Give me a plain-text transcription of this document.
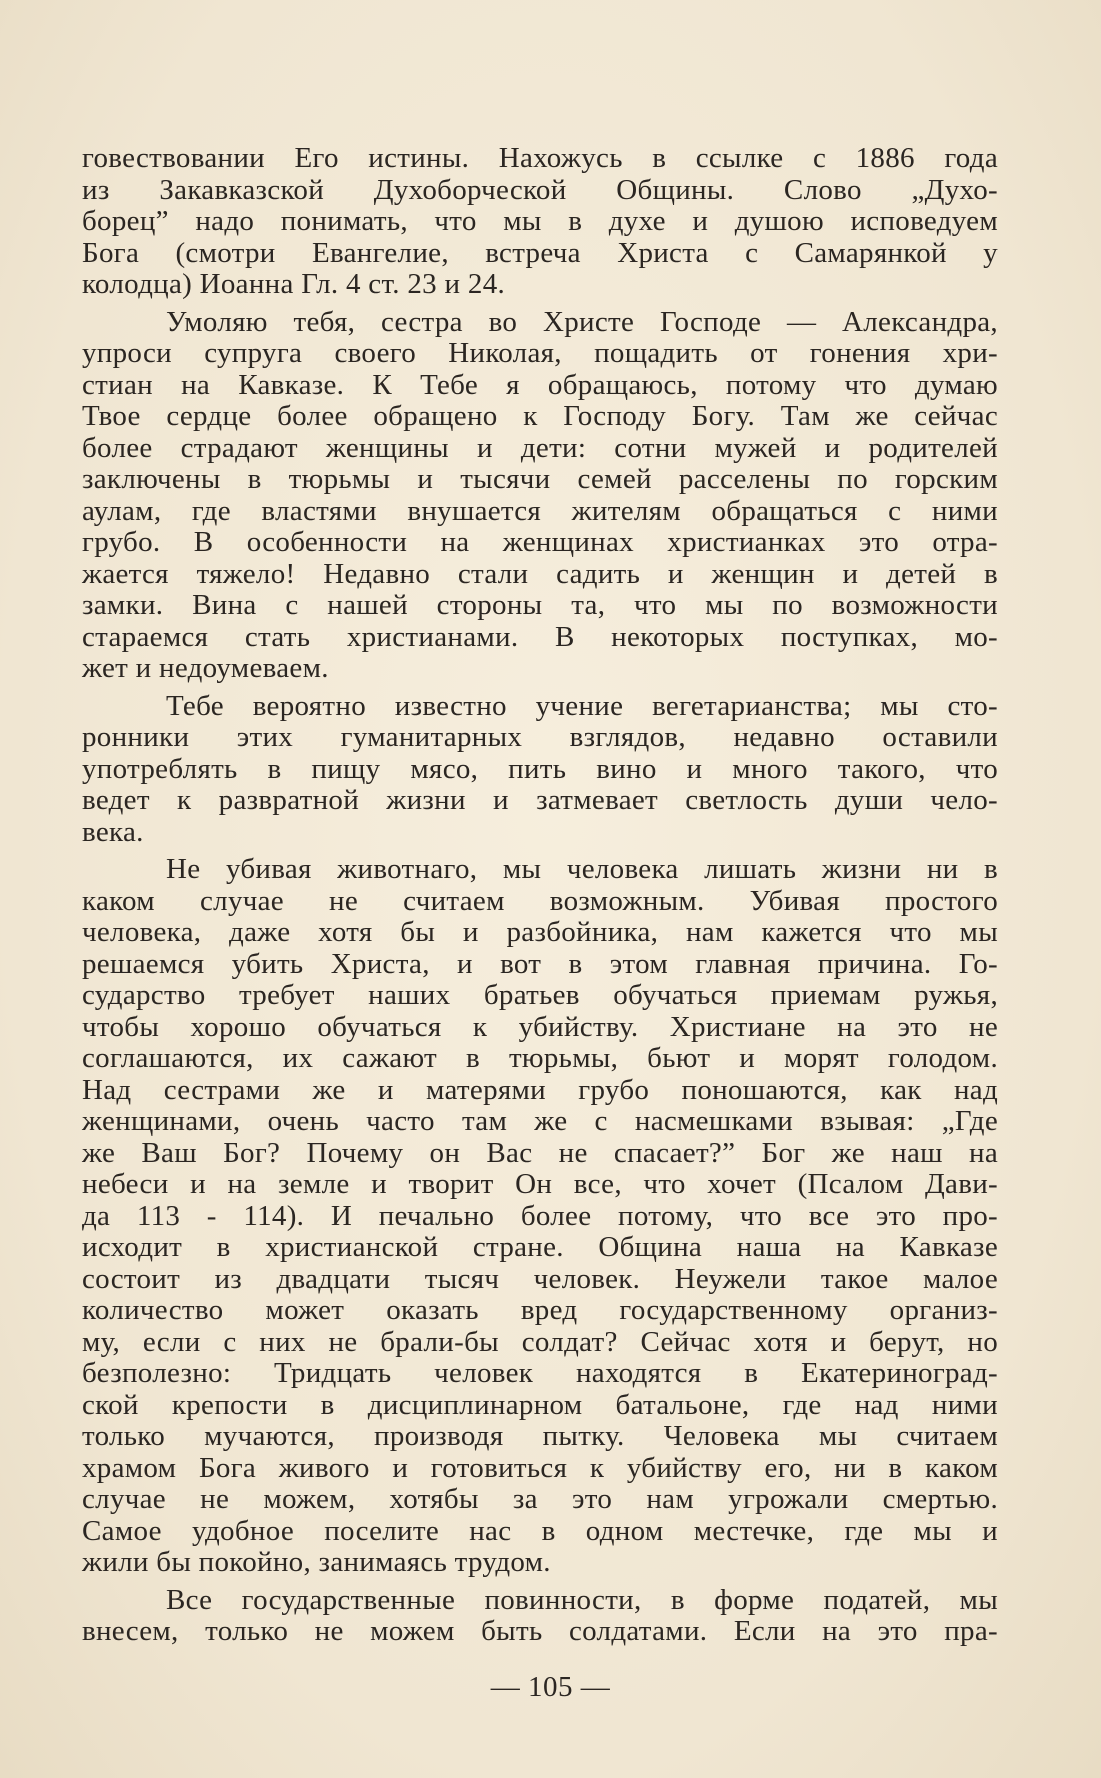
говествовании Его истины. Нахожусь в ссылке с 1886 года
из Закавказской Духоборческой Общины. Слово „Духо-
борец” надо понимать, что мы в духе и душою исповедуем
Бога (смотри Евангелие, встреча Христа с Самарянкой у
колодца) Иоанна Гл. 4 ст. 23 и 24.
Умоляю тебя, сестра во Христе Господе — Александра,
упроси супруга своего Николая, пощадить от гонения хри-
стиан на Кавказе. К Тебе я обращаюсь, потому что думаю
Твое сердце более обращено к Господу Богу. Там же сейчас
более страдают женщины и дети: сотни мужей и родителей
заключены в тюрьмы и тысячи семей расселены по горским
аулам, где властями внушается жителям обращаться с ними
грубо. В особенности на женщинах христианках это отра-
жается тяжело! Недавно стали садить и женщин и детей в
замки. Вина с нашей стороны та, что мы по возможности
стараемся стать христианами. В некоторых поступках, мо-
жет и недоумеваем.
Тебе вероятно известно учение вегетарианства; мы сто-
ронники этих гуманитарных взглядов, недавно оставили
употреблять в пищу мясо, пить вино и много такого, что
ведет к развратной жизни и затмевает светлость души чело-
века.
Не убивая животнаго, мы человека лишать жизни ни в
каком случае не считаем возможным. Убивая простого
человека, даже хотя бы и разбойника, нам кажется что мы
решаемся убить Христа, и вот в этом главная причина. Го-
сударство требует наших братьев обучаться приемам ружья,
чтобы хорошо обучаться к убийству. Христиане на это не
соглашаются, их сажают в тюрьмы, бьют и морят голодом.
Над сестрами же и матерями грубо поношаются, как над
женщинами, очень часто там же с насмешками взывая: „Где
же Ваш Бог? Почему он Вас не спасает?” Бог же наш на
небеси и на земле и творит Он все, что хочет (Псалом Дави-
да 113 - 114). И печально более потому, что все это про-
исходит в христианской стране. Община наша на Кавказе
состоит из двадцати тысяч человек. Неужели такое малое
количество может оказать вред государственному организ-
му, если с них не брали-бы солдат? Сейчас хотя и берут, но
безполезно: Тридцать человек находятся в Екатериноград-
ской крепости в дисциплинарном батальоне, где над ними
только мучаются, производя пытку. Человека мы считаем
храмом Бога живого и готовиться к убийству его, ни в каком
случае не можем, хотябы за это нам угрожали смертью.
Самое удобное поселите нас в одном местечке, где мы и
жили бы покойно, занимаясь трудом.
Все государственные повинности, в форме податей, мы
внесем, только не можем быть солдатами. Если на это пра-
— 105 —
